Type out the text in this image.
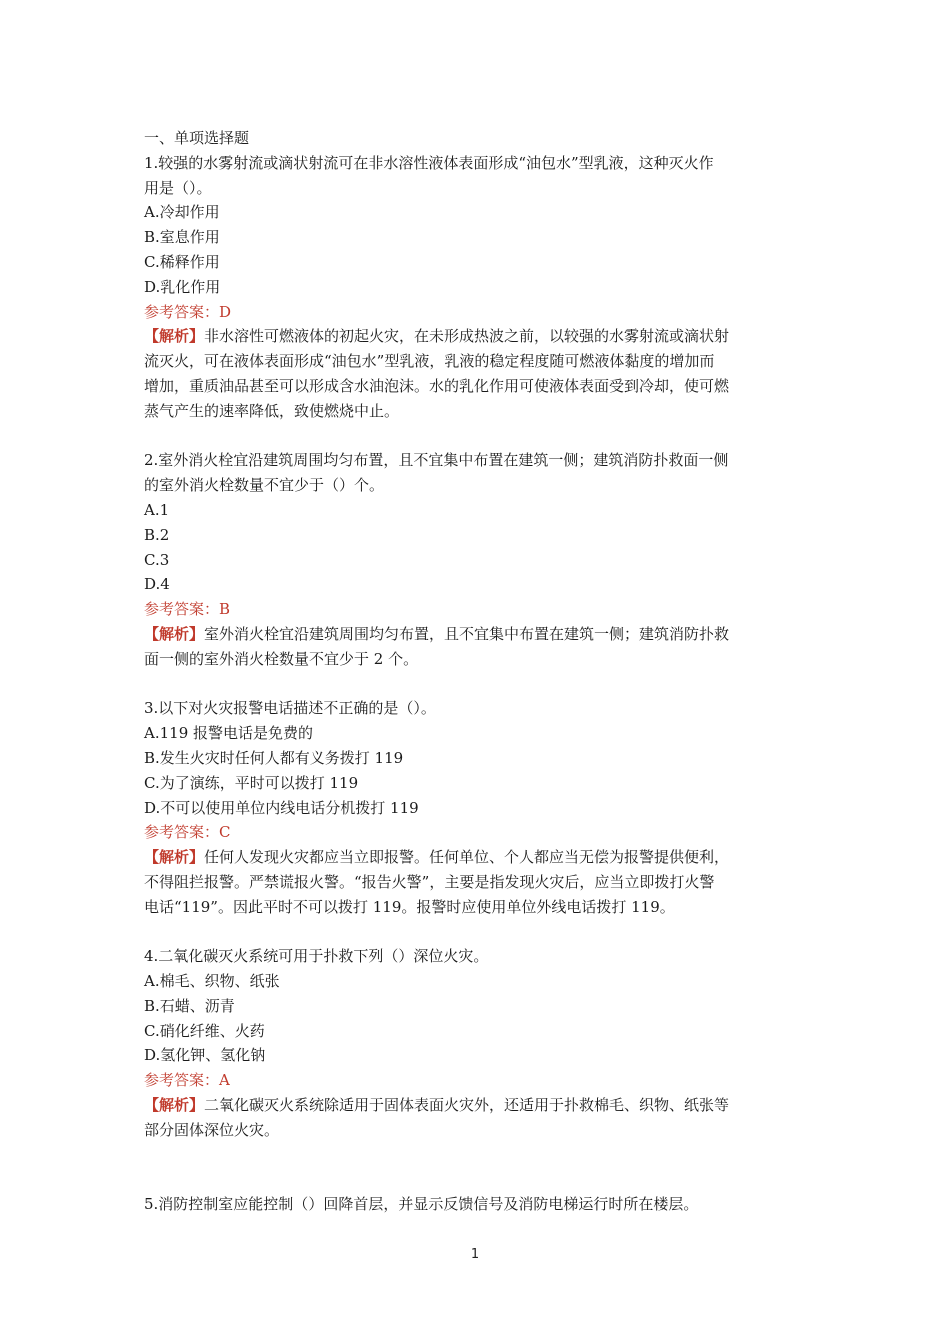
一、单项选择题

1.较强的水雾射流或滴状射流可在非水溶性液体表面形成“油包水”型乳液，这种灭火作

用是（）。

A.冷却作用

B.室息作用

C.稀释作用

D.乳化作用

参考答案：D

【解析】非水溶性可燃液体的初起火灾，在未形成热波之前，以较强的水雾射流或滴状射

流灭火，可在液体表面形成“油包水”型乳液，乳液的稳定程度随可燃液体黏度的增加而

增加，重质油品甚至可以形成含水油泡沫。水的乳化作用可使液体表面受到冷却，使可燃

蒸气产生的速率降低，致使燃烧中止。

2.室外消火栓宜沿建筑周围均匀布置，且不宜集中布置在建筑一侧；建筑消防扑救面一侧

的室外消火栓数量不宜少于（）个。

A.1

B.2

C.3

D.4

参考答案：B

【解析】室外消火栓宜沿建筑周围均匀布置，且不宜集中布置在建筑一侧；建筑消防扑救

面一侧的室外消火栓数量不宜少于 2 个。

3.以下对火灾报警电话描述不正确的是（）。

A.119 报警电话是免费的

B.发生火灾时任何人都有义务拨打 119

C.为了演练，平时可以拨打 119

D.不可以使用单位内线电话分机拨打 119

参考答案：C

【解析】任何人发现火灾都应当立即报警。任何单位、个人都应当无偿为报警提供便利，

不得阻拦报警。严禁谎报火警。“报告火警”，主要是指发现火灾后，应当立即拨打火警

电话“119”。因此平时不可以拨打 119。报警时应使用单位外线电话拨打 119。

4.二氧化碳灭火系统可用于扑救下列（）深位火灾。

A.棉毛、织物、纸张

B.石蜡、沥青

C.硝化纤维、火药

D.氢化钾、氢化钠

参考答案：A

【解析】二氧化碳灭火系统除适用于固体表面火灾外，还适用于扑救棉毛、织物、纸张等

部分固体深位火灾。

5.消防控制室应能控制（）回降首层，并显示反馈信号及消防电梯运行时所在楼层。

1
